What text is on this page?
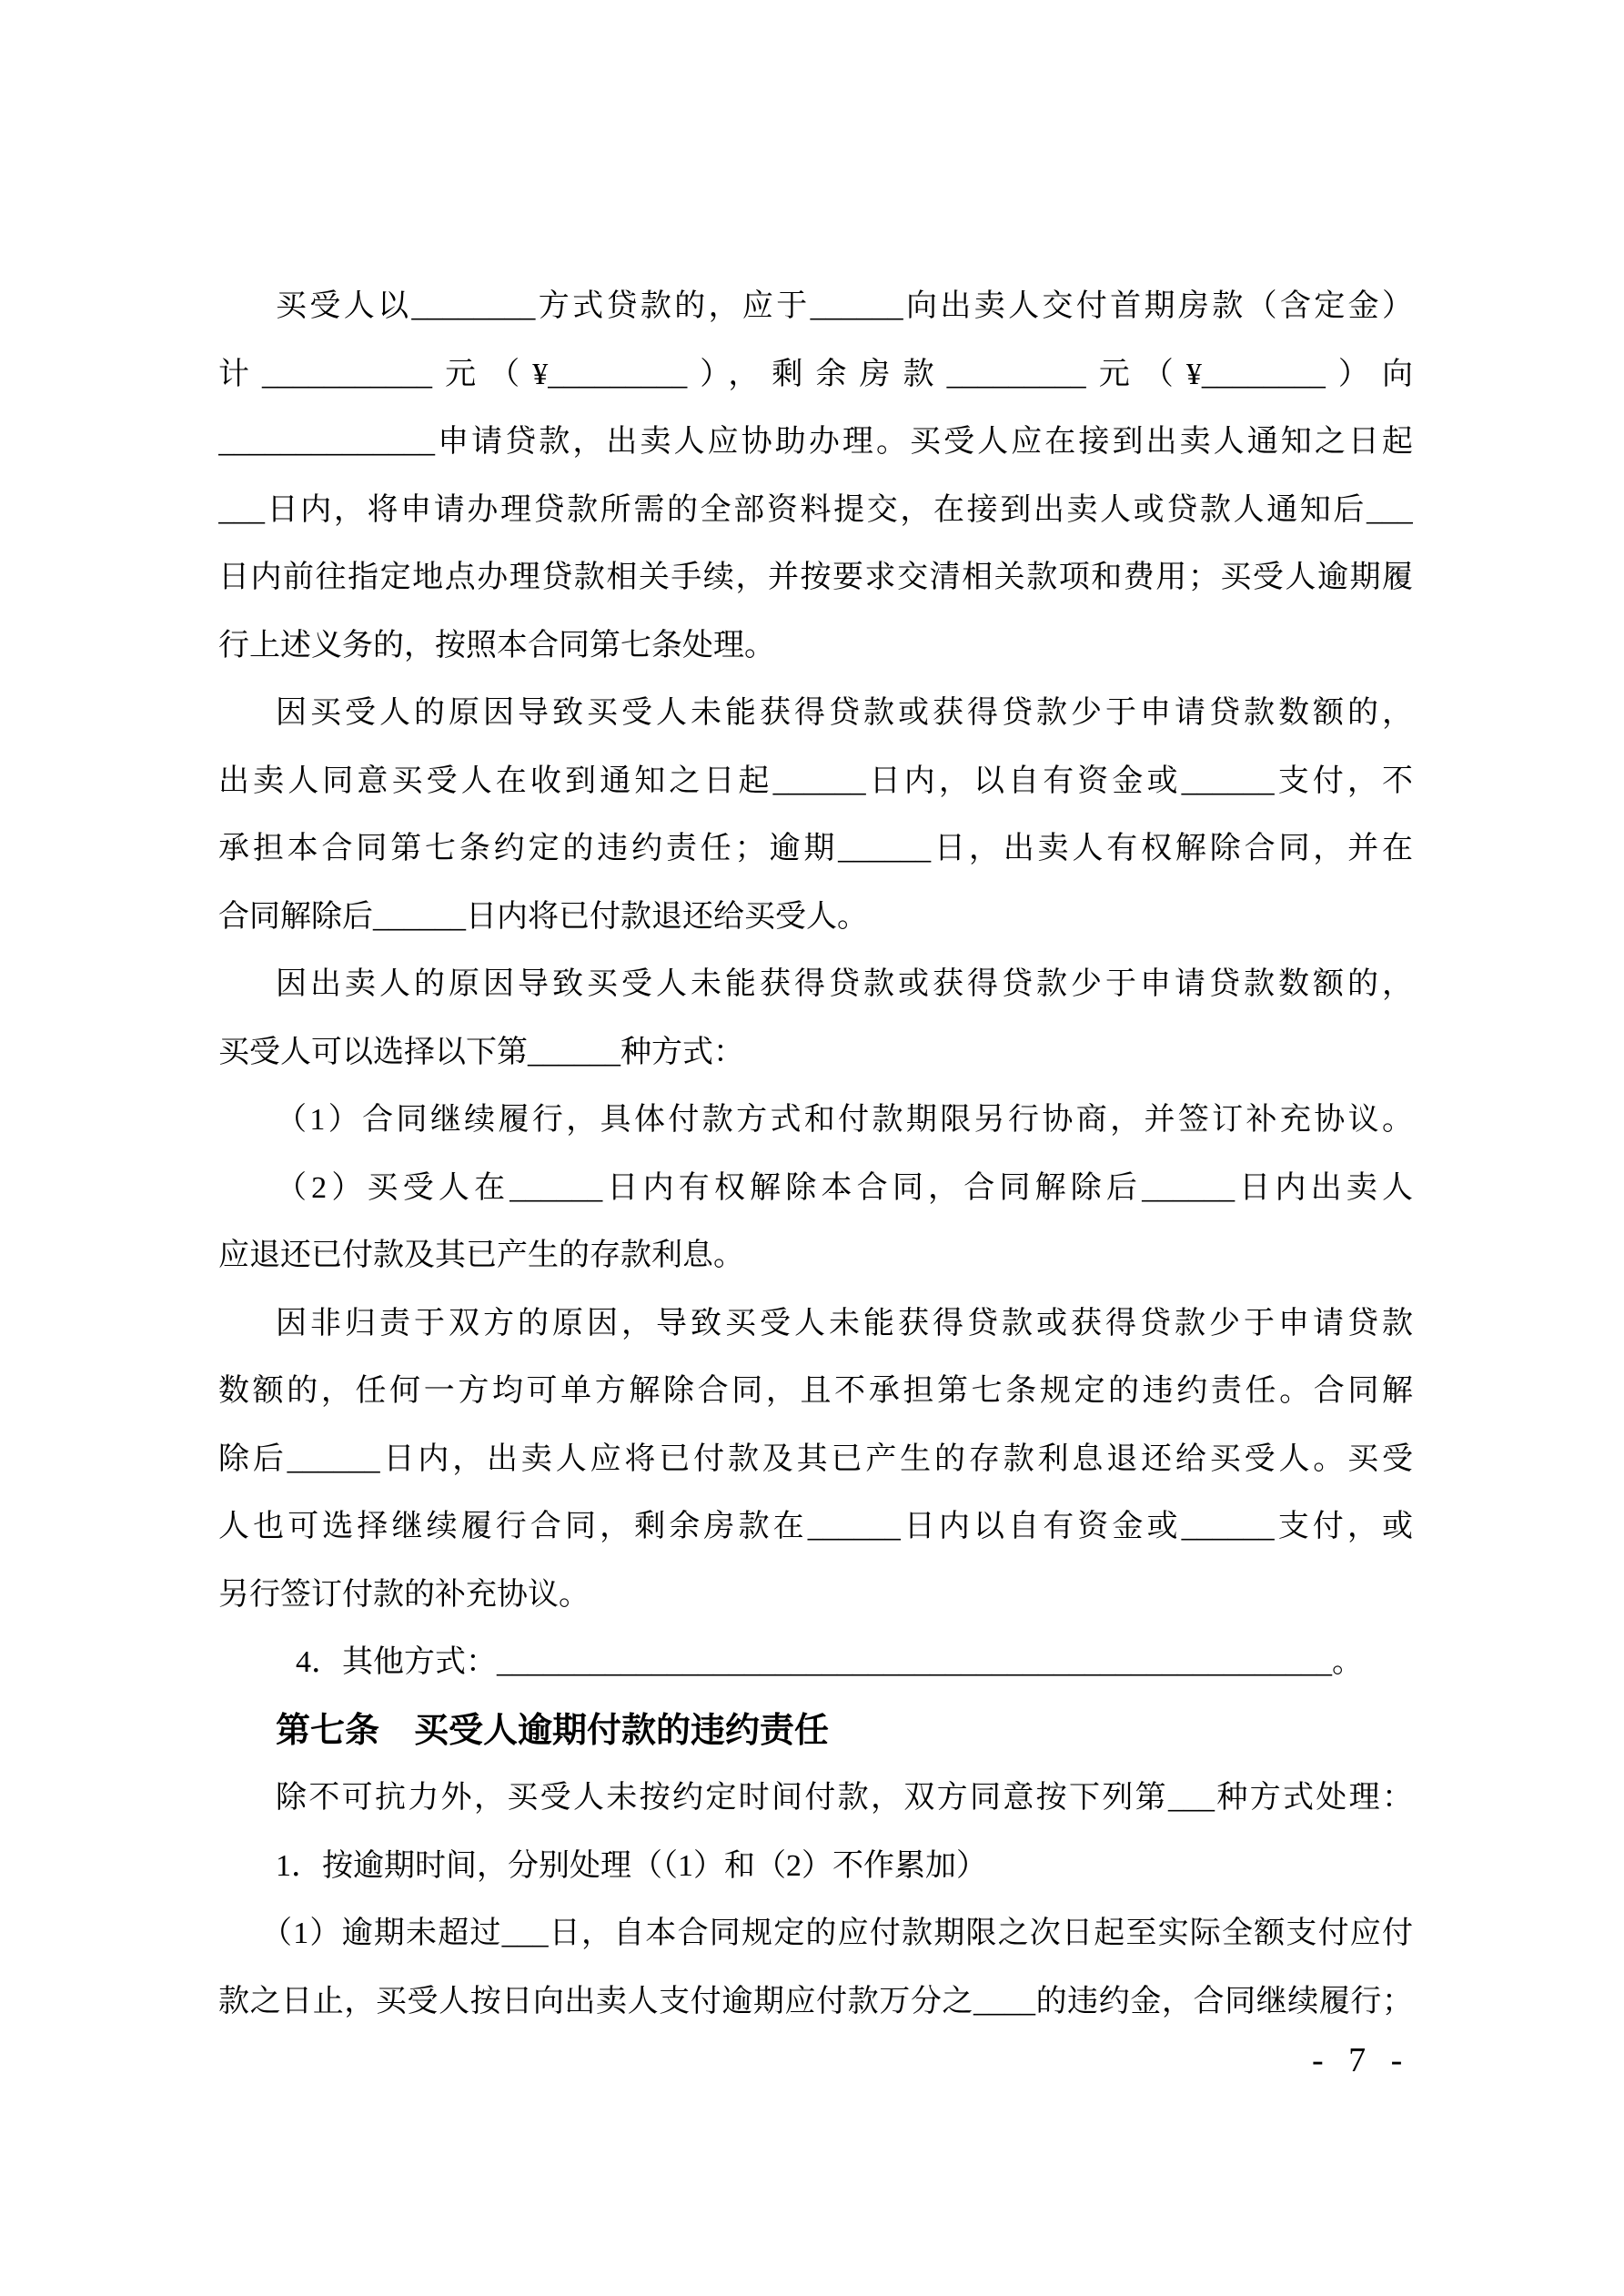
买受人以________方式贷款的，应于______向出卖人交付首期房款（含定金）
计___________元（¥_________），剩余房款_________元（¥________）向
______________申请贷款，出卖人应协助办理。买受人应在接到出卖人通知之日起
___日内，将申请办理贷款所需的全部资料提交，在接到出卖人或贷款人通知后___
日内前往指定地点办理贷款相关手续，并按要求交清相关款项和费用；买受人逾期履
行上述义务的，按照本合同第七条处理。
因买受人的原因导致买受人未能获得贷款或获得贷款少于申请贷款数额的，
出卖人同意买受人在收到通知之日起______日内，以自有资金或______支付，不
承担本合同第七条约定的违约责任；逾期______日，出卖人有权解除合同，并在
合同解除后______日内将已付款退还给买受人。
因出卖人的原因导致买受人未能获得贷款或获得贷款少于申请贷款数额的，
买受人可以选择以下第______种方式：
（1）合同继续履行，具体付款方式和付款期限另行协商，并签订补充协议。
（2）买受人在______日内有权解除本合同，合同解除后______日内出卖人
应退还已付款及其已产生的存款利息。
因非归责于双方的原因，导致买受人未能获得贷款或获得贷款少于申请贷款
数额的，任何一方均可单方解除合同，且不承担第七条规定的违约责任。合同解
除后______日内，出卖人应将已付款及其已产生的存款利息退还给买受人。买受
人也可选择继续履行合同，剩余房款在______日内以自有资金或______支付，或
另行签订付款的补充协议。
4．其他方式：______________________________________________________。
第七条　买受人逾期付款的违约责任
除不可抗力外，买受人未按约定时间付款，双方同意按下列第___种方式处理：
1．按逾期时间，分别处理（（1）和（2）不作累加）
（1）逾期未超过___日，自本合同规定的应付款期限之次日起至实际全额支付应付
款之日止，买受人按日向出卖人支付逾期应付款万分之____的违约金，合同继续履行；
- 7 -
